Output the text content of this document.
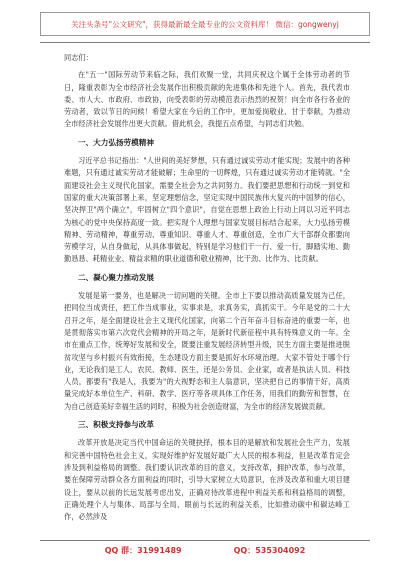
关注头条号"公文研究"，获得最新最全最专业的公文资料库！ 微信：gongwenyj

同志们：

在"五一"国际劳动节来临之际，我们欢聚一堂，共同庆祝这个属于全体劳动者的节日，隆重表彰为全市经济社会发展作出积极贡献的先进集体和先进个人。首先，我代表市委、市人大、市政府、市政协，向受表彰的劳动模范表示热烈的祝贺！向全市各行各业的劳动者，致以节日的问候！希望大家在今后的工作中，更加爱岗敬业、甘于奉献，为推动全市经济社会发展作出更大贡献。借此机会，我提五点希望，与同志们共勉。

一、大力弘扬劳模精神

习近平总书记指出："人世间的美好梦想，只有通过诚实劳动才能实现；发展中的各种难题，只有通过诚实劳动才能破解；生命里的一切辉煌，只有通过诚实劳动才能铸就。"全面建设社会主义现代化国家，需要全社会为之共同努力。我们要把思想和行动统一到党和国家的重大决策部署上来，坚定理想信念，坚定实现中国民族伟大复兴的中国梦的信心，坚决捍卫"两个确立"，牢固树立"四个意识"，自觉在思想上政治上行动上同以习近平同志为核心的党中央保持高度一致。把实现个人理想与国家发展目标结合起来，大力弘扬劳模精神、劳动精神，尊重劳动、尊重知识、尊重人才、尊重创造，全市广大干部群众都要向劳模学习，从自身做起，从具体事做起，特别是学习他们干一行、爱一行，脚踏实地、勤勤恳恳、耗精业业、精益求精的职业道德和敬业精神，比干劲、比作为、比贡献。

二、凝心聚力推动发展

发展是第一要务，也是解决一切问题的关键。全市上下要以推动高质量发展为己任，把同位当成责任，把工作当成事业，实事求是，求真务实，真抓实干。今年是党的二十大召开之年，是全面建设社会主义现代化国家，向第二个百年奋斗目标奋进的重要一年，也是贯彻落实市第六次党代会精神的开局之年，是新时代新征程中具有特殊意义的一年。全市在重点工作，统筹好发展和安全，既要注重发展经济转型升级，民生方面主要是推进脱贫攻坚与乡村振兴有效衔接，生态建设方面主要是抓好水环境治理。大家不管处于哪个行业，无论我们是工人、农民、教师、医生，还是公务员、企业家，或者是执法人员、科技人员，都要有"我是人，我要为"的大视野态和主人翁意识，坚决把自己的事情干好，高质量完成好本单位生产、科研、教学、医疗等各项具体工作任务，用我们的勤劳和智慧，在为自己创造美好幸福生活的同时，积极为社会创造财富，为全市的经济发展做贡献。

三、积极支持参与改革

改革开放是决定当代中国命运的关键抉择，根本目的是解放和发展社会生产力，发展和完善中国特色社会主义，实现好维护好发展好最广大人民的根本利益，但是改革肯定会涉及到利益格局的调整。我们要认识改革的目的意义，支持改革，拥护改革，参与改革，要在保障劳动群众各方面利益的同时，引导大家树立大局意识，在涉及改革和重大项目建设上，要从以前的长远发展考虑出发，正确对待改革进程中利益关系和利益格局的调整，正确处理个人与集体、局部与全局、眼前与长远的利益关系，比如推动碳中和碳达峰工作，必然涉及

QQ 群：31991489	QQ：535304092
